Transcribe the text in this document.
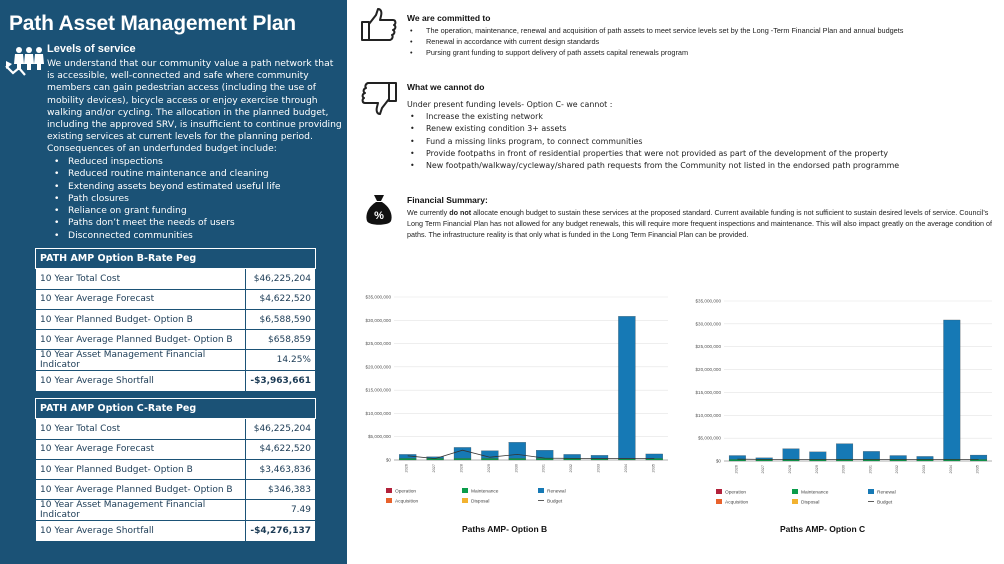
Path Asset Management Plan
Levels of service
We understand that our community value a path network that is accessible, well-connected and safe where community members can gain pedestrian access (including the use of mobility devices), bicycle access or enjoy exercise through walking and/or cycling. The allocation in the planned budget, including the approved SRV, is insufficient to continue providing existing services at current levels for the planning period. Consequences of an underfunded budget include:
• Reduced inspections
• Reduced routine maintenance and cleaning
• Extending assets beyond estimated useful life
• Path closures
• Reliance on grant funding
• Paths don’t meet the needs of users
• Disconnected communities
PATH AMP Option B-Rate Peg	
10 Year Total Cost	$46,225,204
10 Year Average Forecast	$4,622,520
10 Year Planned Budget- Option B	$6,588,590
10 Year Average Planned Budget- Option B	$658,859
10 Year Asset Management Financial Indicator	14.25%
10 Year Average Shortfall	-$3,963,661
PATH AMP Option C-Rate Peg	
10 Year Total Cost	$46,225,204
10 Year Average Forecast	$4,622,520
10 Year Planned Budget- Option B	$3,463,836
10 Year Average Planned Budget- Option B	$346,383
10 Year Asset Management Financial Indicator	7.49
10 Year Average Shortfall	-$4,276,137
We are committed to
• The operation, maintenance, renewal and acquisition of path assets to meet service levels set by the Long -Term Financial Plan and annual budgets
• Renewal in accordance with current design standards
• Pursing grant funding to support delivery of path assets capital renewals program
What we cannot do
Under present funding levels- Option C- we cannot :
• Increase the existing network
• Renew existing condition 3+ assets
• Fund a missing links program, to connect communities
• Provide footpaths in front of residential properties that were not provided as part of the development of the property
• New footpath/walkway/cycleway/shared path requests from the Community not listed in the endorsed path programme
%
Financial Summary:
We currently do not allocate enough budget to sustain these services at the proposed standard. Current available funding is not sufficient to sustain desired levels of service. Council’s Long Term Financial Plan has not allowed for any budget renewals, this will require more frequent inspections and maintenance. This will also impact greatly on the average condition of paths. The infrastructure reality is that only what is funded in the Long Term Financial Plan can be provided.
$0
$5,000,000
$10,000,000
$15,000,000
$20,000,000
$25,000,000
$30,000,000
$35,000,000
2026	2027	2028	2029	2030	2031	2032	2033	2034	2035
Operation	Maintenance	Renewal
Acquisition	Disposal	Budget
Paths AMP- Option B
$0
$5,000,000
$10,000,000
$15,000,000
$20,000,000
$25,000,000
$30,000,000
$35,000,000
2026	2027	2028	2029	2030	2031	2032	2033	2034	2035
Operation	Maintenance	Renewal
Acquisition	Disposal	Budget
Paths AMP- Option C
